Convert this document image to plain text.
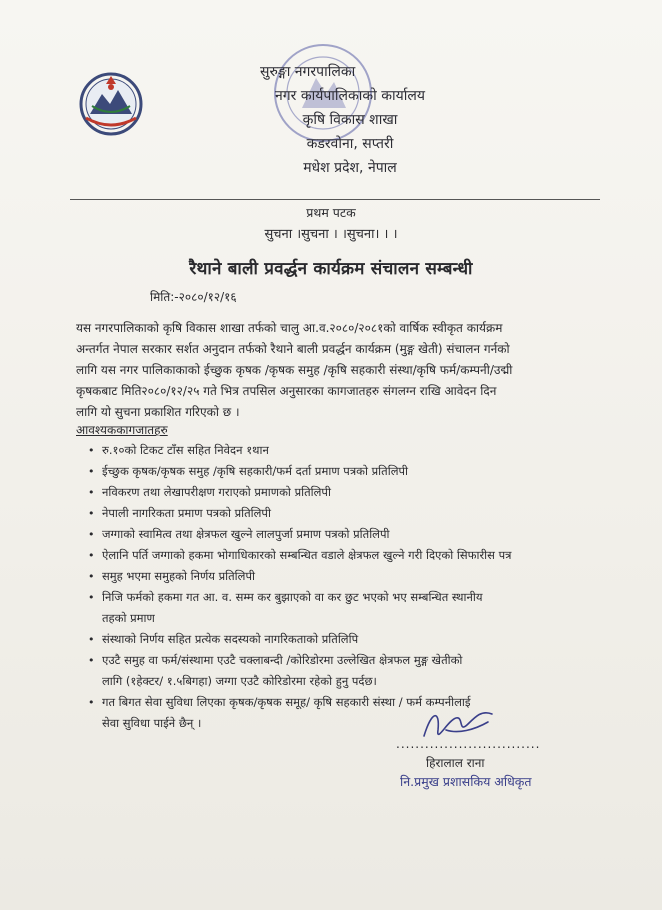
सुरुङ्गा नगरपालिका
नगर कार्यपालिकाको कार्यालय
कृषि विकास शाखा
कडरवोना, सप्तरी
मधेश प्रदेश, नेपाल
प्रथम पटक
सुचना ।सुचना । ।सुचना। । ।
रैथाने बाली प्रवर्द्धन कार्यक्रम संचालन सम्बन्धी
मिति:-२०८०/१२/१६
यस नगरपालिकाको कृषि विकास शाखा तर्फको चालु आ.व.२०८०/२०८१को वार्षिक स्वीकृत कार्यक्रम
अन्तर्गत नेपाल सरकार सर्शत अनुदान तर्फको रैथाने बाली प्रवर्द्धन कार्यक्रम (मुङ्ग खेती) संचालन गर्नको
लागि यस नगर पालिकाकाको ईच्छुक कृषक /कृषक समुह /कृषि सहकारी संस्था/कृषि फर्म/कम्पनी/उद्मी
कृषकबाट मिति२०८०/१२/२५ गते भित्र तपसिल अनुसारका कागजातहरु संगलग्न राखि आवेदन दिन
लागि यो सुचना प्रकाशित गरिएको छ ।
आवश्यककागजातहरु
• रु.१०को टिकट टाँस सहित निवेदन १थान
• ईच्छुक कृषक/कृषक समुह /कृषि सहकारी/फर्म दर्ता प्रमाण पत्रको प्रतिलिपी
• नविकरण तथा लेखापरीक्षण गराएको प्रमाणको प्रतिलिपी
• नेपाली नागरिकता प्रमाण पत्रको प्रतिलिपी
• जग्गाको स्वामित्व तथा क्षेत्रफल खुल्ने लालपुर्जा प्रमाण पत्रको प्रतिलिपी
• ऐलानि पर्ति जग्गाको हकमा भोगाधिकारको सम्बन्धित वडाले क्षेत्रफल खुल्ने गरी दिएको सिफारीस पत्र
• समुह भएमा समुहको निर्णय प्रतिलिपी
• निजि फर्मको हकमा गत आ. व. सम्म कर बुझाएको वा कर छुट भएको भए सम्बन्धित स्थानीय
तहको प्रमाण
• संस्थाको निर्णय सहित प्रत्येक सदस्यको नागरिकताको प्रतिलिपि
• एउटै समुह वा फर्म/संस्थामा एउटै चक्लाबन्दी /कोरिडोरमा उल्लेखित क्षेत्रफल मुङ्ग खेतीको
लागि (१हेक्टर/ १.५बिगहा) जग्गा एउटै कोरिडोरमा रहेको हुनु पर्दछ।
• गत बिगत सेवा सुविधा लिएका कृषक/कृषक समूह/ कृषि सहकारी संस्था / फर्म कम्पनीलाई
सेवा सुविधा पाईने छैन् ।
..............................
हिरालाल राना
नि.प्रमुख प्रशासकिय अधिकृत
